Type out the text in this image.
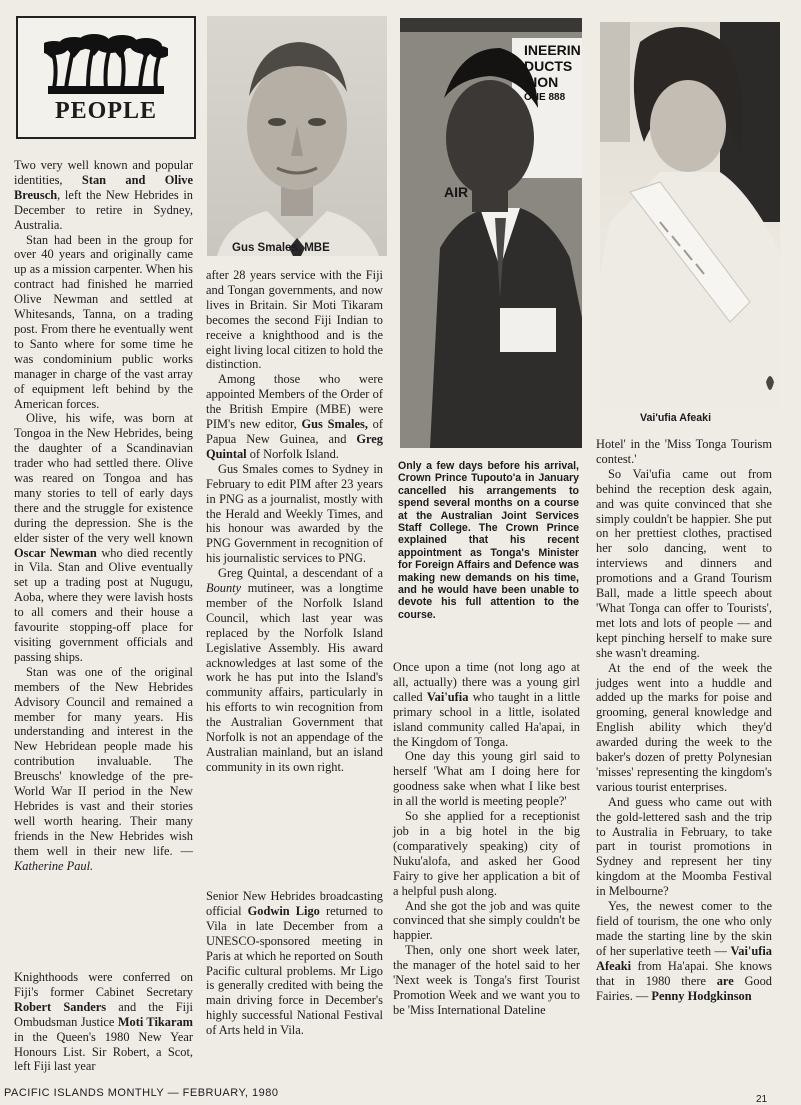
PEOPLE

Two very well known and popular identities, Stan and Olive Breusch, left the New Hebrides in December to retire in Sydney, Australia.

Stan had been in the group for over 40 years and originally came up as a mission carpenter. When his contract had finished he married Olive Newman and settled at Whitesands, Tanna, on a trading post. From there he eventually went to Santo where for some time he was condominium public works manager in charge of the vast array of equipment left behind by the American forces.

Olive, his wife, was born at Tongoa in the New Hebrides, being the daughter of a Scandinavian trader who had settled there. Olive was reared on Tongoa and has many stories to tell of early days there and the struggle for existence during the depression. She is the elder sister of the very well known Oscar Newman who died recently in Vila. Stan and Olive eventually set up a trading post at Nugugu, Aoba, where they were lavish hosts to all comers and their house a favourite stopping-off place for visiting government officials and passing ships.

Stan was one of the original members of the New Hebrides Advisory Council and remained a member for many years. His understanding and interest in the New Hebridean people made his contribution invaluable. The Breuschs' knowledge of the pre-World War II period in the New Hebrides is vast and their stories well worth hearing. Their many friends in the New Hebrides wish them well in their new life. — Katherine Paul.

Knighthoods were conferred on Fiji's former Cabinet Secretary Robert Sanders and the Fiji Ombudsman Justice Moti Tikaram in the Queen's 1980 New Year Honours List. Sir Robert, a Scot, left Fiji last year

Gus Smales, MBE

after 28 years service with the Fiji and Tongan governments, and now lives in Britain. Sir Moti Tikaram becomes the second Fiji Indian to receive a knighthood and is the eight living local citizen to hold the distinction.

Among those who were appointed Members of the Order of the British Empire (MBE) were PIM's new editor, Gus Smales, of Papua New Guinea, and Greg Quintal of Norfolk Island.

Gus Smales comes to Sydney in February to edit PIM after 23 years in PNG as a journalist, mostly with the Herald and Weekly Times, and his honour was awarded by the PNG Government in recognition of his journalistic services to PNG.

Greg Quintal, a descendant of a Bounty mutineer, was a longtime member of the Norfolk Island Council, which last year was replaced by the Norfolk Island Legislative Assembly. His award acknowledges at last some of the work he has put into the Island's community affairs, particularly in his efforts to win recognition from the Australian Government that Norfolk is not an appendage of the Australian mainland, but an island community in its own right.

Senior New Hebrides broadcasting official Godwin Ligo returned to Vila in late December from a UNESCO-sponsored meeting in Paris at which he reported on South Pacific cultural problems. Mr Ligo is generally credited with being the main driving force in December's highly successful National Festival of Arts held in Vila.

INEERIN
DUCTS
SION
ONE 888
AIR
Only a few days before his arrival, Crown Prince Tupouto'a in January cancelled his arrangements to spend several months on a course at the Australian Joint Services Staff College. The Crown Prince explained that his recent appointment as Tonga's Minister for Foreign Affairs and Defence was making new demands on his time, and he would have been unable to devote his full attention to the course.

Once upon a time (not long ago at all, actually) there was a young girl called Vai'ufia who taught in a little primary school in a little, isolated island community called Ha'apai, in the Kingdom of Tonga.

One day this young girl said to herself 'What am I doing here for goodness sake when what I like best in all the world is meeting people?'

So she applied for a receptionist job in a big hotel in the big (comparatively speaking) city of Nuku'alofa, and asked her Good Fairy to give her application a bit of a helpful push along.

And she got the job and was quite convinced that she simply couldn't be happier.

Then, only one short week later, the manager of the hotel said to her 'Next week is Tonga's first Tourist Promotion Week and we want you to be 'Miss International Dateline

Vai'ufia Afeaki

Hotel' in the 'Miss Tonga Tourism contest.'

So Vai'ufia came out from behind the reception desk again, and was quite convinced that she simply couldn't be happier. She put on her prettiest clothes, practised her solo dancing, went to interviews and dinners and promotions and a Grand Tourism Ball, made a little speech about 'What Tonga can offer to Tourists', met lots and lots of people — and kept pinching herself to make sure she wasn't dreaming.

At the end of the week the judges went into a huddle and added up the marks for poise and grooming, general knowledge and English ability which they'd awarded during the week to the baker's dozen of pretty Polynesian 'misses' representing the kingdom's various tourist enterprises.

And guess who came out with the gold-lettered sash and the trip to Australia in February, to take part in tourist promotions in Sydney and represent her tiny kingdom at the Moomba Festival in Melbourne?

Yes, the newest comer to the field of tourism, the one who only made the starting line by the skin of her superlative teeth — Vai'ufia Afeaki from Ha'apai. She knows that in 1980 there are Good Fairies. — Penny Hodgkinson

PACIFIC ISLANDS MONTHLY — FEBRUARY, 1980
21
